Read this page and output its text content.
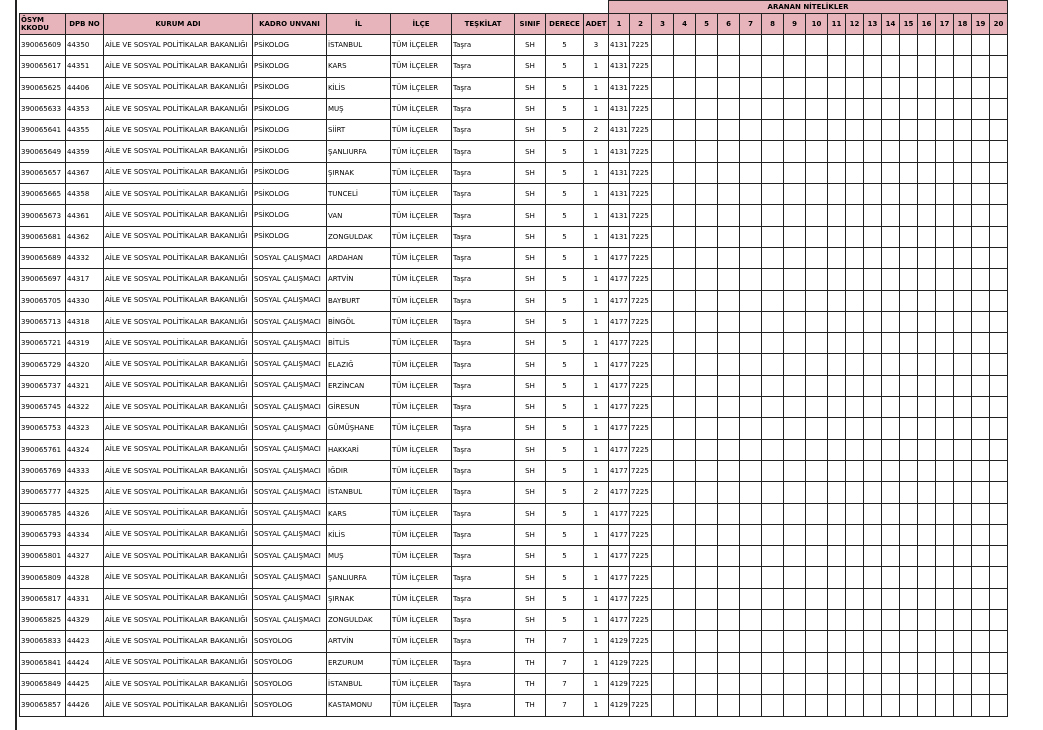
										ARANAN NİTELİKLER																			
ÖSYM KKODU	DPB NO	KURUM ADI	KADRO UNVANI	İL	İLÇE	TEŞKİLAT	SINIF	DERECE	ADET	1	2	3	4	5	6	7	8	9	10	11	12	13	14	15	16	17	18	19	20
390065609	44350	AİLE VE SOSYAL POLİTİKALAR BAKANLIĞI	PSİKOLOG	İSTANBUL	TÜM İLÇELER	Taşra	SH	5	3	4131	7225																		
390065617	44351	AİLE VE SOSYAL POLİTİKALAR BAKANLIĞI	PSİKOLOG	KARS	TÜM İLÇELER	Taşra	SH	5	1	4131	7225																		
390065625	44406	AİLE VE SOSYAL POLİTİKALAR BAKANLIĞI	PSİKOLOG	KİLİS	TÜM İLÇELER	Taşra	SH	5	1	4131	7225																		
390065633	44353	AİLE VE SOSYAL POLİTİKALAR BAKANLIĞI	PSİKOLOG	MUŞ	TÜM İLÇELER	Taşra	SH	5	1	4131	7225																		
390065641	44355	AİLE VE SOSYAL POLİTİKALAR BAKANLIĞI	PSİKOLOG	SİİRT	TÜM İLÇELER	Taşra	SH	5	2	4131	7225																		
390065649	44359	AİLE VE SOSYAL POLİTİKALAR BAKANLIĞI	PSİKOLOG	ŞANLIURFA	TÜM İLÇELER	Taşra	SH	5	1	4131	7225																		
390065657	44367	AİLE VE SOSYAL POLİTİKALAR BAKANLIĞI	PSİKOLOG	ŞIRNAK	TÜM İLÇELER	Taşra	SH	5	1	4131	7225																		
390065665	44358	AİLE VE SOSYAL POLİTİKALAR BAKANLIĞI	PSİKOLOG	TUNCELİ	TÜM İLÇELER	Taşra	SH	5	1	4131	7225																		
390065673	44361	AİLE VE SOSYAL POLİTİKALAR BAKANLIĞI	PSİKOLOG	VAN	TÜM İLÇELER	Taşra	SH	5	1	4131	7225																		
390065681	44362	AİLE VE SOSYAL POLİTİKALAR BAKANLIĞI	PSİKOLOG	ZONGULDAK	TÜM İLÇELER	Taşra	SH	5	1	4131	7225																		
390065689	44332	AİLE VE SOSYAL POLİTİKALAR BAKANLIĞI	SOSYAL ÇALIŞMACI	ARDAHAN	TÜM İLÇELER	Taşra	SH	5	1	4177	7225																		
390065697	44317	AİLE VE SOSYAL POLİTİKALAR BAKANLIĞI	SOSYAL ÇALIŞMACI	ARTVİN	TÜM İLÇELER	Taşra	SH	5	1	4177	7225																		
390065705	44330	AİLE VE SOSYAL POLİTİKALAR BAKANLIĞI	SOSYAL ÇALIŞMACI	BAYBURT	TÜM İLÇELER	Taşra	SH	5	1	4177	7225																		
390065713	44318	AİLE VE SOSYAL POLİTİKALAR BAKANLIĞI	SOSYAL ÇALIŞMACI	BİNGÖL	TÜM İLÇELER	Taşra	SH	5	1	4177	7225																		
390065721	44319	AİLE VE SOSYAL POLİTİKALAR BAKANLIĞI	SOSYAL ÇALIŞMACI	BİTLİS	TÜM İLÇELER	Taşra	SH	5	1	4177	7225																		
390065729	44320	AİLE VE SOSYAL POLİTİKALAR BAKANLIĞI	SOSYAL ÇALIŞMACI	ELAZIĞ	TÜM İLÇELER	Taşra	SH	5	1	4177	7225																		
390065737	44321	AİLE VE SOSYAL POLİTİKALAR BAKANLIĞI	SOSYAL ÇALIŞMACI	ERZİNCAN	TÜM İLÇELER	Taşra	SH	5	1	4177	7225																		
390065745	44322	AİLE VE SOSYAL POLİTİKALAR BAKANLIĞI	SOSYAL ÇALIŞMACI	GİRESUN	TÜM İLÇELER	Taşra	SH	5	1	4177	7225																		
390065753	44323	AİLE VE SOSYAL POLİTİKALAR BAKANLIĞI	SOSYAL ÇALIŞMACI	GÜMÜŞHANE	TÜM İLÇELER	Taşra	SH	5	1	4177	7225																		
390065761	44324	AİLE VE SOSYAL POLİTİKALAR BAKANLIĞI	SOSYAL ÇALIŞMACI	HAKKARİ	TÜM İLÇELER	Taşra	SH	5	1	4177	7225																		
390065769	44333	AİLE VE SOSYAL POLİTİKALAR BAKANLIĞI	SOSYAL ÇALIŞMACI	IĞDIR	TÜM İLÇELER	Taşra	SH	5	1	4177	7225																		
390065777	44325	AİLE VE SOSYAL POLİTİKALAR BAKANLIĞI	SOSYAL ÇALIŞMACI	İSTANBUL	TÜM İLÇELER	Taşra	SH	5	2	4177	7225																		
390065785	44326	AİLE VE SOSYAL POLİTİKALAR BAKANLIĞI	SOSYAL ÇALIŞMACI	KARS	TÜM İLÇELER	Taşra	SH	5	1	4177	7225																		
390065793	44334	AİLE VE SOSYAL POLİTİKALAR BAKANLIĞI	SOSYAL ÇALIŞMACI	KİLİS	TÜM İLÇELER	Taşra	SH	5	1	4177	7225																		
390065801	44327	AİLE VE SOSYAL POLİTİKALAR BAKANLIĞI	SOSYAL ÇALIŞMACI	MUŞ	TÜM İLÇELER	Taşra	SH	5	1	4177	7225																		
390065809	44328	AİLE VE SOSYAL POLİTİKALAR BAKANLIĞI	SOSYAL ÇALIŞMACI	ŞANLIURFA	TÜM İLÇELER	Taşra	SH	5	1	4177	7225																		
390065817	44331	AİLE VE SOSYAL POLİTİKALAR BAKANLIĞI	SOSYAL ÇALIŞMACI	ŞIRNAK	TÜM İLÇELER	Taşra	SH	5	1	4177	7225																		
390065825	44329	AİLE VE SOSYAL POLİTİKALAR BAKANLIĞI	SOSYAL ÇALIŞMACI	ZONGULDAK	TÜM İLÇELER	Taşra	SH	5	1	4177	7225																		
390065833	44423	AİLE VE SOSYAL POLİTİKALAR BAKANLIĞI	SOSYOLOG	ARTVİN	TÜM İLÇELER	Taşra	TH	7	1	4129	7225																		
390065841	44424	AİLE VE SOSYAL POLİTİKALAR BAKANLIĞI	SOSYOLOG	ERZURUM	TÜM İLÇELER	Taşra	TH	7	1	4129	7225																		
390065849	44425	AİLE VE SOSYAL POLİTİKALAR BAKANLIĞI	SOSYOLOG	İSTANBUL	TÜM İLÇELER	Taşra	TH	7	1	4129	7225																		
390065857	44426	AİLE VE SOSYAL POLİTİKALAR BAKANLIĞI	SOSYOLOG	KASTAMONU	TÜM İLÇELER	Taşra	TH	7	1	4129	7225																		
